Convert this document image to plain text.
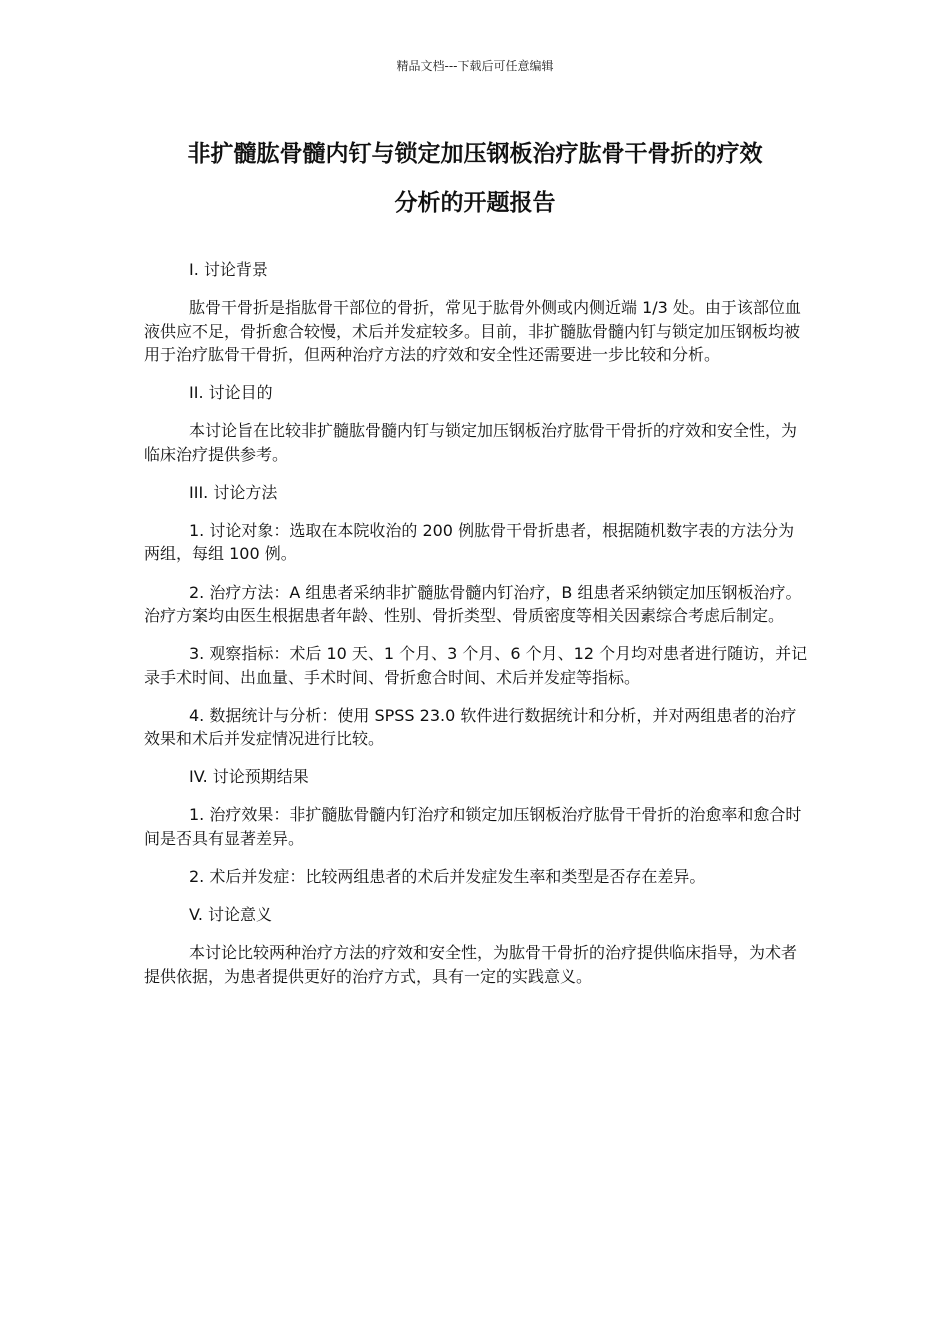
精品文档---下载后可任意编辑
非扩髓肱骨髓内钉与锁定加压钢板治疗肱骨干骨折的疗效
分析的开题报告

I. 讨论背景

肱骨干骨折是指肱骨干部位的骨折，常见于肱骨外侧或内侧近端 1/3 处。由于该部位血液供应不足，骨折愈合较慢，术后并发症较多。目前，非扩髓肱骨髓内钉与锁定加压钢板均被用于治疗肱骨干骨折，但两种治疗方法的疗效和安全性还需要进一步比较和分析。

II. 讨论目的

本讨论旨在比较非扩髓肱骨髓内钉与锁定加压钢板治疗肱骨干骨折的疗效和安全性，为临床治疗提供参考。

III. 讨论方法

1. 讨论对象：选取在本院收治的 200 例肱骨干骨折患者，根据随机数字表的方法分为两组，每组 100 例。

2. 治疗方法：A 组患者采纳非扩髓肱骨髓内钉治疗，B 组患者采纳锁定加压钢板治疗。治疗方案均由医生根据患者年龄、性别、骨折类型、骨质密度等相关因素综合考虑后制定。

3. 观察指标：术后 10 天、1 个月、3 个月、6 个月、12 个月均对患者进行随访，并记录手术时间、出血量、手术时间、骨折愈合时间、术后并发症等指标。

4. 数据统计与分析：使用 SPSS 23.0 软件进行数据统计和分析，并对两组患者的治疗效果和术后并发症情况进行比较。

IV. 讨论预期结果

1. 治疗效果：非扩髓肱骨髓内钉治疗和锁定加压钢板治疗肱骨干骨折的治愈率和愈合时间是否具有显著差异。

2. 术后并发症：比较两组患者的术后并发症发生率和类型是否存在差异。

V. 讨论意义

本讨论比较两种治疗方法的疗效和安全性，为肱骨干骨折的治疗提供临床指导，为术者提供依据，为患者提供更好的治疗方式，具有一定的实践意义。
